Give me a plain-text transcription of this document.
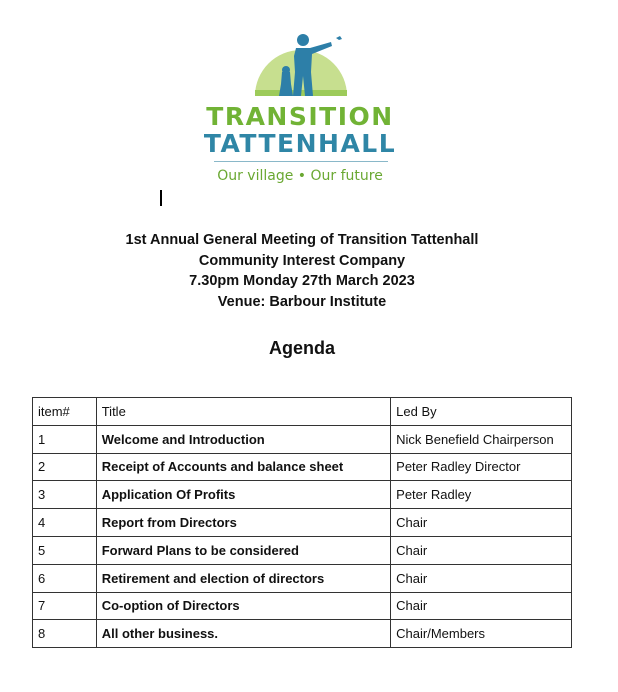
TRANSITION
TATTENHALL
Our village • Our future
1st Annual General Meeting of Transition Tattenhall
Community Interest Company
7.30pm Monday 27th March 2023
Venue: Barbour Institute
Agenda
item#	Title	Led By
1	Welcome and Introduction	Nick Benefield Chairperson
2	Receipt of Accounts and balance sheet	Peter Radley Director
3	Application Of Profits	Peter Radley
4	Report from Directors	Chair
5	Forward Plans to be considered	Chair
6	Retirement and election of directors	Chair
7	Co-option of Directors	Chair
8	All other business.	Chair/Members
